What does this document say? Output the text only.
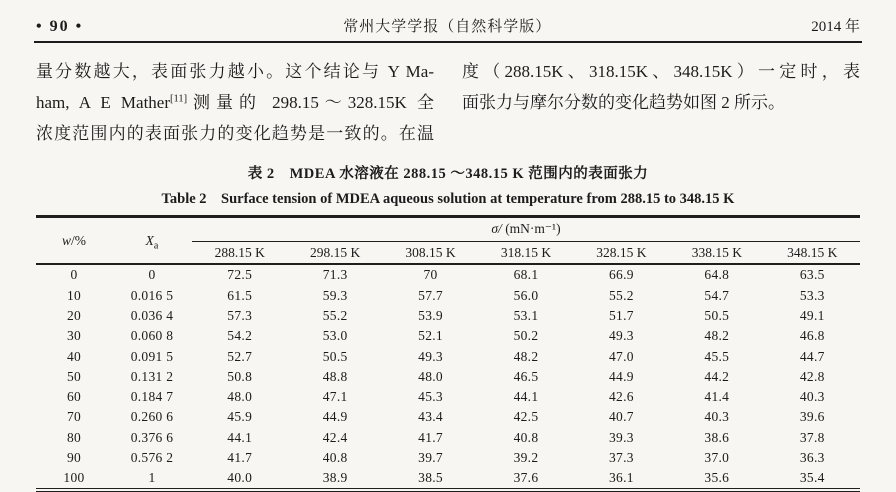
• 90 •	常州大学学报（自然科学版）	2014 年
量分数越大，表面张力越小。这个结论与 Y Ma-
ham, A E Mather[11]测量的 298.15～328.15K 全
浓度范围内的表面张力的变化趋势是一致的。在温
度（288.15K、318.15K、348.15K）一定时，表
面张力与摩尔分数的变化趋势如图 2 所示。
表 2　MDEA 水溶液在 288.15 ～348.15 K 范围内的表面张力
Table 2　Surface tension of MDEA aqueous solution at temperature from 288.15 to 348.15 K
w/%	$X_a$	σ/ (mN·m⁻¹)						
		288.15 K	298.15 K	308.15 K	318.15 K	328.15 K	338.15 K	348.15 K
0	0	72.5	71.3	70	68.1	66.9	64.8	63.5
10	0.016 5	61.5	59.3	57.7	56.0	55.2	54.7	53.3
20	0.036 4	57.3	55.2	53.9	53.1	51.7	50.5	49.1
30	0.060 8	54.2	53.0	52.1	50.2	49.3	48.2	46.8
40	0.091 5	52.7	50.5	49.3	48.2	47.0	45.5	44.7
50	0.131 2	50.8	48.8	48.0	46.5	44.9	44.2	42.8
60	0.184 7	48.0	47.1	45.3	44.1	42.6	41.4	40.3
70	0.260 6	45.9	44.9	43.4	42.5	40.7	40.3	39.6
80	0.376 6	44.1	42.4	41.7	40.8	39.3	38.6	37.8
90	0.576 2	41.7	40.8	39.7	39.2	37.3	37.0	36.3
100	1	40.0	38.9	38.5	37.6	36.1	35.6	35.4
